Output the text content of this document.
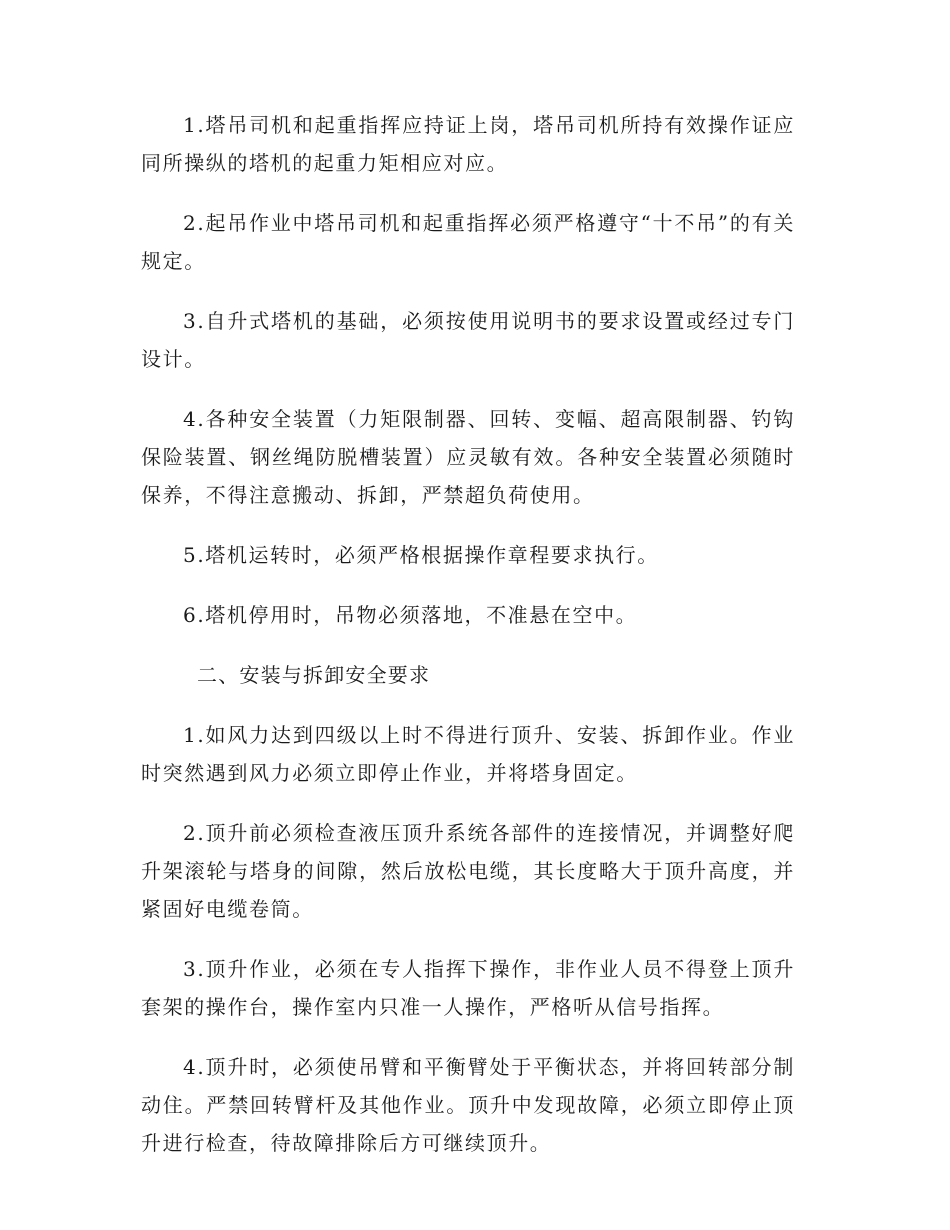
1.塔吊司机和起重指挥应持证上岗，塔吊司机所持有效操作证应同所操纵的塔机的起重力矩相应对应。

2.起吊作业中塔吊司机和起重指挥必须严格遵守“十不吊”的有关规定。

3.自升式塔机的基础，必须按使用说明书的要求设置或经过专门设计。

4.各种安全装置（力矩限制器、回转、变幅、超高限制器、钓钩保险装置、钢丝绳防脱槽装置）应灵敏有效。各种安全装置必须随时保养，不得注意搬动、拆卸，严禁超负荷使用。

5.塔机运转时，必须严格根据操作章程要求执行。

6.塔机停用时，吊物必须落地，不准悬在空中。

二、安装与拆卸安全要求

1.如风力达到四级以上时不得进行顶升、安装、拆卸作业。作业时突然遇到风力必须立即停止作业，并将塔身固定。

2.顶升前必须检查液压顶升系统各部件的连接情况，并调整好爬升架滚轮与塔身的间隙，然后放松电缆，其长度略大于顶升高度，并紧固好电缆卷筒。

3.顶升作业，必须在专人指挥下操作，非作业人员不得登上顶升套架的操作台，操作室内只准一人操作，严格听从信号指挥。

4.顶升时，必须使吊臂和平衡臂处于平衡状态，并将回转部分制动住。严禁回转臂杆及其他作业。顶升中发现故障，必须立即停止顶升进行检查，待故障排除后方可继续顶升。
